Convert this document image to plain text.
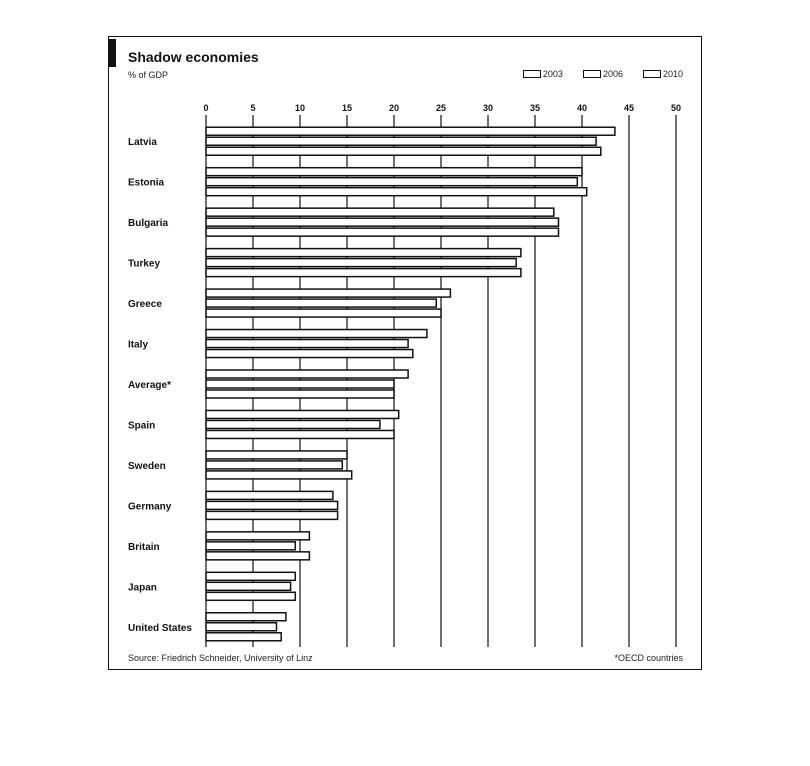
Shadow economies
% of GDP	2003	2006	2010
0	5	10	15	20	25	30	35	40	45	50
Latvia
Estonia
Bulgaria
Turkey
Greece
Italy
Average*
Spain
Sweden
Germany
Britain
Japan
United States
Source: Friedrich Schneider, University of Linz	*OECD countries
